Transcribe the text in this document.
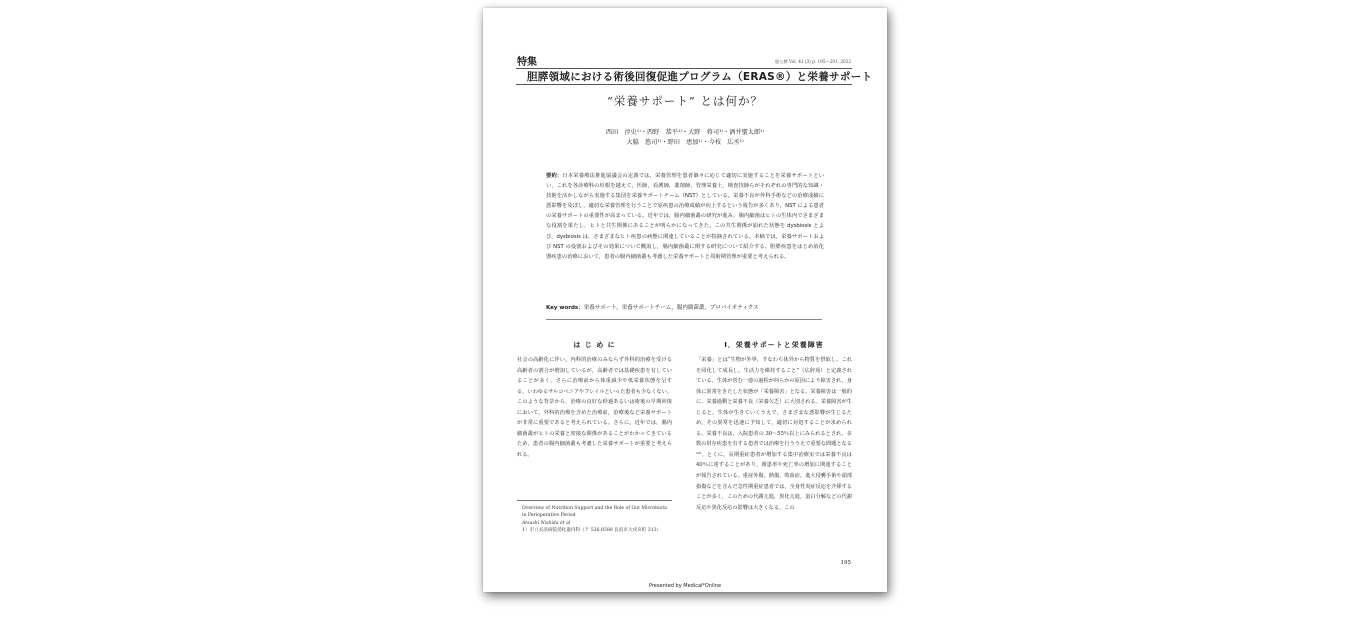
特集	胆と膵 Vol. 43 (3) p. 195〜201, 2022
胆膵領域における術後回復促進プログラム（ERAS®）と栄養サポート
“栄養サポート” とは何か？
西田　淳史¹⁾・西野　恭平¹⁾・大野　将司¹⁾・酒井聖太郎¹⁾
大脇　悠司¹⁾・野田　恵加¹⁾・今枝　広丞¹⁾
要約：日本栄養療法推進協議会の定義では，栄養管理を患者個々に応じて適切に実施することを栄養サポートといい，これを各診療科の垣根を越えて，医師，看護師，薬剤師，管理栄養士，検査技師らがそれぞれの専門的な知識・技術を活かしながら実施する集団を栄養サポートチーム（NST）としている。栄養不良が外科手術などの治療成績に悪影響を及ぼし，適切な栄養管理を行うことで原疾患の治療成績が向上するという報告が多くあり，NST による患者の栄養サポートの重要性が高まっている。近年では，腸内細菌叢の研究が進み，腸内細菌はヒトの生体内でさまざまな役割を果たし，ヒトと共生関係にあることが明らかになってきた。この共生関係が崩れた状態を dysbiosis とよび，dysbiosis は，さまざまなヒト疾患の病態に関連していることが指摘されている。本稿では，栄養サポートおよび NST の役割およびその効果について概説し，腸内細菌叢に関する研究について紹介する。胆膵疾患をはじめ消化器疾患の治療において，患者の腸内細菌叢も考慮した栄養サポートと周術期管理が重要と考えられる。
Key words：栄養サポート，栄養サポートチーム，腸内細菌叢，プロバイオティクス
は じ め に
社会の高齢化に伴い，内科的治療のみならず外科的治療を受ける高齢者の割合が増加しているが，高齢者では基礎疾患を有していることが多く，さらに治療前から体重減少や低栄養状態を呈する，いわゆるサルコペニアやフレイルといった患者も少なくない。このような背景から，治療の良好な経過あるいは術後の早期回復において，外科的治療を含めた治療前，治療後など栄養サポートが非常に重要であると考えられている。さらに，近年では，腸内細菌叢がヒトの栄養と密接な関係があることがわかってきているため，患者の腸内細菌叢も考慮した栄養サポートが重要と考えられる。
Ⅰ．栄養サポートと栄養障害
「栄養」とは“生物が外界，すなわち体外から物質を摂取し，これを同化して成長し，生活力を維持すること”（広辞苑）と定義されている。生体が営む一連の過程が何らかの原因により障害され，身体に異常をきたした状態が「栄養障害」となる。栄養障害は一般的に，栄養過剰と栄養不良（栄養欠乏）に大別される。栄養障害が生じると，生体が生きていくうえで，さまざまな悪影響が生じるため，その異常を迅速に予知して，適切に対処することが求められる。栄養不良は，入院患者の 30〜55％以上にみられるとされ，多数の併存疾患を有する患者では治療を行ううえで重要な問題となる¹²⁾。とくに，長期重症患者が増加する集中治療室では栄養不良は 40％に達することがあり，罹患率や死亡率の増加に関連することが報告されている。重症外傷，熱傷，敗血症，進大侵襲手術や頭部損傷などを含んだ急性期重症患者では，全身性炎症反応を介挿することが多く，このための代謝亢進，異化亢進，蛋白分解などの代謝反応や異化反応の影響は大きくなる。この
Overview of Nutrition Support and the Role of Gut Microbiota in Perioperative Period
Atsushi Nishida et al

1）市立長浜病院消化器内科（〒 526-8580 長浜市大戌亥町 313）
195
Presented by Medical*Online
